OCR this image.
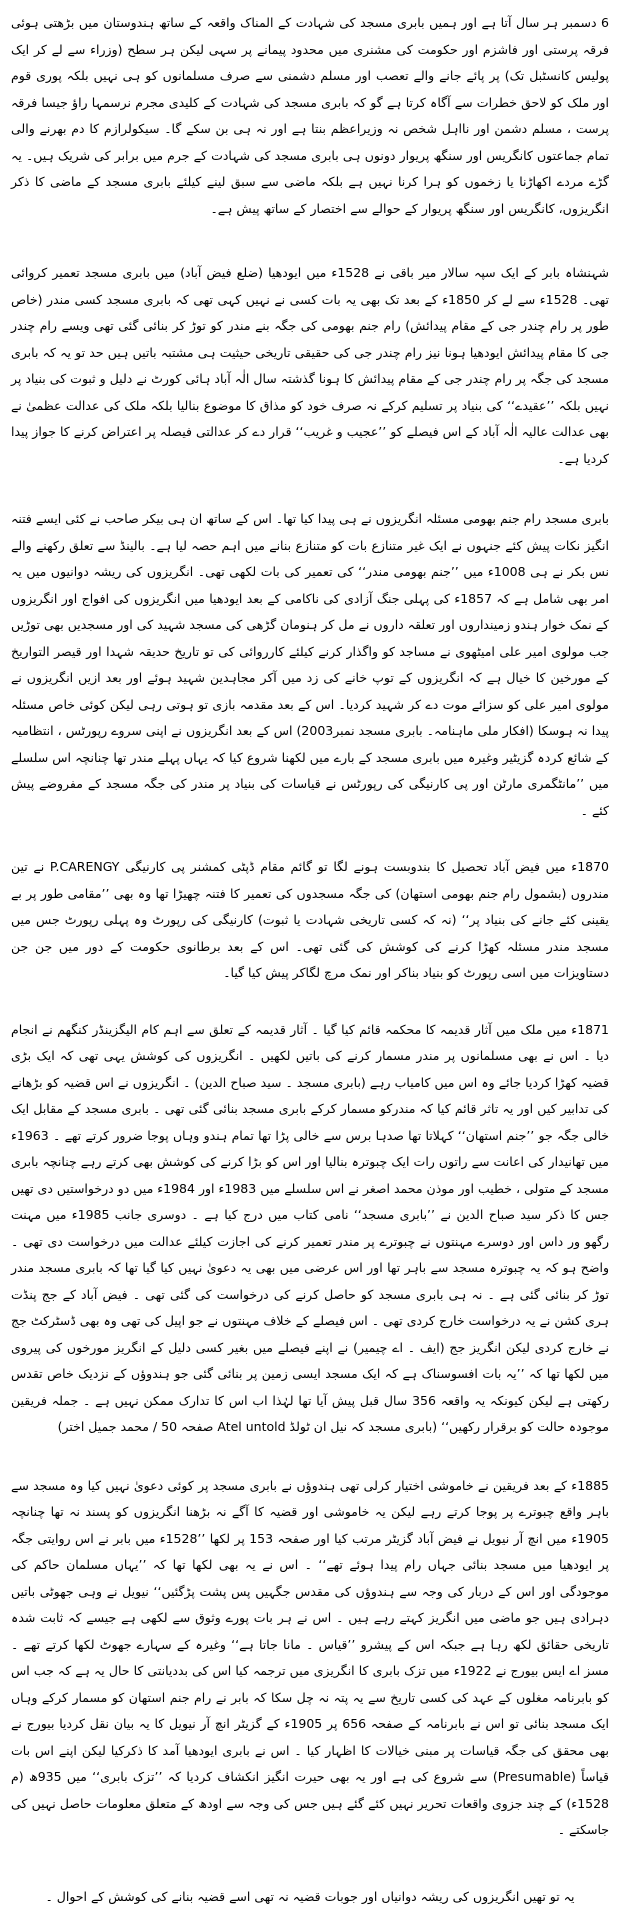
6 دسمبر ہر سال آتا ہے اور ہمیں بابری مسجد کی شہادت کے المناک واقعہ کے ساتھ ہندوستان میں بڑھتی ہوئی فرقہ پرستی اور فاشزم اور حکومت کی مشنری میں محدود پیمانے پر سہی لیکن ہر سطح (وزراء سے لے کر ایک پولیس کانسٹبل تک) پر پائے جانے والے تعصب اور مسلم دشمنی سے صرف مسلمانوں کو ہی نہیں بلکہ پوری قوم اور ملک کو لاحق خطرات سے آگاہ کرتا ہے گو کہ بابری مسجد کی شہادت کے کلیدی مجرم نرسمہا راؤ جیسا فرقہ پرست ، مسلم دشمن اور نااہل شخص نہ وزیراعظم بنتا ہے اور نہ ہی بن سکے گا۔ سیکولرازم کا دم بھرنے والی تمام جماعتوں کانگریس اور سنگھ پریوار دونوں ہی بابری مسجد کی شہادت کے جرم میں برابر کی شریک ہیں۔ یہ گڑے مردے اکھاڑنا یا زخموں کو ہرا کرنا نہیں ہے بلکہ ماضی سے سبق لینے کیلئے بابری مسجد کے ماضی کا ذکر انگریزوں، کانگریس اور سنگھ پریوار کے حوالے سے اختصار کے ساتھ پیش ہے۔

شہنشاہ بابر کے ایک سپہ سالار میر باقی نے 1528ء میں ایودھیا (ضلع فیض آباد) میں بابری مسجد تعمیر کروائی تھی۔ 1528ء سے لے کر 1850ء کے بعد تک بھی یہ بات کسی نے نہیں کہی تھی کہ بابری مسجد کسی مندر (خاص طور پر رام چندر جی کے مقام پیدائش) رام جنم بھومی کی جگہ بنے مندر کو توڑ کر بنائی گئی تھی ویسے رام چندر جی کا مقام پیدائش ایودھیا ہونا نیز رام چندر جی کی حقیقی تاریخی حیثیت ہی مشتبہ باتیں ہیں حد تو یہ کہ بابری مسجد کی جگہ پر رام چندر جی کے مقام پیدائش کا ہونا گذشتہ سال الٰہ آباد ہائی کورٹ نے دلیل و ثبوت کی بنیاد پر نہیں بلکہ ’’عقیدے‘‘ کی بنیاد پر تسلیم کرکے نہ صرف خود کو مذاق کا موضوع بنالیا بلکہ ملک کی عدالت عظمیٰ نے بھی عدالت عالیہ الٰہ آباد کے اس فیصلے کو ’’عجیب و غریب‘‘ قرار دے کر عدالتی فیصلہ پر اعتراض کرنے کا جواز پیدا کردیا ہے۔

بابری مسجد رام جنم بھومی مسئلہ انگریزوں نے ہی پیدا کیا تھا۔ اس کے ساتھ ان ہی بیکر صاحب نے کئی ایسے فتنہ انگیز نکات پیش کئے جنہوں نے ایک غیر متنازع بات کو متنازع بنانے میں اہم حصہ لیا ہے۔ بالینڈ سے تعلق رکھنے والے نس بکر نے ہی 1008ء میں ’’جنم بھومی مندر‘‘ کی تعمیر کی بات لکھی تھی۔ انگریزوں کی ریشہ دوانیوں میں یہ امر بھی شامل ہے کہ 1857ء کی پہلی جنگ آزادی کی ناکامی کے بعد ایودھیا میں انگریزوں کی افواج اور انگریزوں کے نمک خوار ہندو زمینداروں اور تعلقہ داروں نے مل کر ہنومان گڑھی کی مسجد شہید کی اور مسجدیں بھی توڑیں جب مولوی امیر علی امیٹھوی نے مساجد کو واگذار کرنے کیلئے کارروائی کی تو تاریخ حدیقہ شہدا اور قیصر التواریخ کے مورخین کا خیال ہے کہ انگریزوں کے توپ خانے کی زد میں آکر مجاہدین شہید ہوئے اور بعد ازیں انگریزوں نے مولوی امیر علی کو سزائے موت دے کر شہید کردیا۔ اس کے بعد مقدمہ بازی تو ہوتی رہی لیکن کوئی خاص مسئلہ پیدا نہ ہوسکا (افکار ملی ماہنامہ۔ بابری مسجد نمبر2003) اس کے بعد انگریزوں نے اپنی سروے رپورٹس ، انتظامیہ کے شائع کردہ گزیٹیر وغیرہ میں بابری مسجد کے بارے میں لکھنا شروع کیا کہ یہاں پہلے مندر تھا چنانچہ اس سلسلے میں ’’مانٹگمری مارٹن اور پی کارنیگی کی رپورٹس نے قیاسات کی بنیاد پر مندر کی جگہ مسجد کے مفروضے پیش کئے ۔

1870ء میں فیض آباد تحصیل کا بندوبست ہونے لگا تو گائم مقام ڈپٹی کمشنر پی کارنیگی P.CARENGY نے تین مندروں (بشمول رام جنم بھومی استھان) کی جگہ مسجدوں کی تعمیر کا فتنہ چھیڑا تھا وہ بھی ’’مقامی طور پر بے یقینی کئے جانے کی بنیاد پر‘‘ (نہ کہ کسی تاریخی شہادت یا ثبوت) کارنیگی کی رپورٹ وہ پہلی رپورٹ جس میں مسجد مندر مسئلہ کھڑا کرنے کی کوشش کی گئی تھی۔ اس کے بعد برطانوی حکومت کے دور میں جن جن دستاویزات میں اسی رپورٹ کو بنیاد بناکر اور نمک مرچ لگاکر پیش کیا گیا۔

1871ء میں ملک میں آثار قدیمہ کا محکمہ قائم کیا گیا ۔ آثار قدیمہ کے تعلق سے اہم کام الیگزینڈر کنگھم نے انجام دیا ۔ اس نے بھی مسلمانوں پر مندر مسمار کرنے کی باتیں لکھیں ۔ انگریزوں کی کوشش یہی تھی کہ ایک بڑی قضیہ کھڑا کردیا جائے وہ اس میں کامیاب رہے (بابری مسجد ۔ سید صباح الدین) ۔ انگریزوں نے اس قضیہ کو بڑھانے کی تدابیر کیں اور یہ تاثر قائم کیا کہ مندرکو مسمار کرکے بابری مسجد بنائی گئی تھی ۔ بابری مسجد کے مقابل ایک خالی جگہ جو ’’جنم استھان‘‘ کہلاتا تھا صدہا برس سے خالی پڑا تھا تمام ہندو وہاں پوجا ضرور کرتے تھے ۔ 1963ء میں تھانیدار کی اعانت سے راتوں رات ایک چبوترہ بنالیا اور اس کو بڑا کرنے کی کوشش بھی کرتے رہے چنانچہ بابری مسجد کے متولی ، خطیب اور موذن محمد اصغر نے اس سلسلے میں 1983ء اور 1984ء میں دو درخواستیں دی تھیں جس کا ذکر سید صباح الدین نے ’’بابری مسجد‘‘ نامی کتاب میں درج کیا ہے ۔ دوسری جانب 1985ء میں مہنت رگھو ور داس اور دوسرے مہنتوں نے چبوترے پر مندر تعمیر کرنے کی اجازت کیلئے عدالت میں درخواست دی تھی ۔ واضح ہو کہ یہ چبوترہ مسجد سے باہر تھا اور اس عرضی میں بھی یہ دعویٰ نہیں کیا گیا تھا کہ بابری مسجد مندر توڑ کر بنائی گئی ہے ۔ نہ ہی بابری مسجد کو حاصل کرنے کی درخواست کی گئی تھی ۔ فیض آباد کے جج پنڈت ہری کشن نے یہ درخواست خارج کردی تھی ۔ اس فیصلے کے خلاف مہنتوں نے جو اپیل کی تھی وہ بھی ڈسٹرکٹ جج نے خارج کردی لیکن انگریز جج (ایف ۔ اے چیمیر) نے اپنے فیصلے میں بغیر کسی دلیل کے انگریز مورخوں کی پیروی میں لکھا تھا کہ ’’یہ بات افسوسناک ہے کہ ایک مسجد ایسی زمین پر بنائی گئی جو ہندوؤں کے نزدیک خاص تقدس رکھتی ہے لیکن کیونکہ یہ واقعہ 356 سال قبل پیش آیا تھا لہٰذا اب اس کا تدارک ممکن نہیں ہے ۔ جملہ فریقین موجودہ حالت کو برقرار رکھیں‘‘ (بابری مسجد کہ نیل ان ٹولڈ Atel untold صفحہ 50 / محمد جمیل اختر)

1885ء کے بعد فریقین نے خاموشی اختیار کرلی تھی ہندوؤں نے بابری مسجد پر کوئی دعویٰ نہیں کیا وہ مسجد سے باہر واقع چبوترے پر پوجا کرتے رہے لیکن یہ خاموشی اور قضیہ کا آگے نہ بڑھنا انگریزوں کو پسند نہ تھا چنانچہ 1905ء میں انچ آر نیویل نے فیض آباد گزیٹر مرتب کیا اور صفحہ 153 پر لکھا ’’1528ء میں بابر نے اس روایتی جگہ پر ایودھیا میں مسجد بنائی جہاں رام پیدا ہوئے تھے‘‘ ۔ اس نے یہ بھی لکھا تھا کہ ’’یہاں مسلمان حاکم کی موجودگی اور اس کے دربار کی وجہ سے ہندوؤں کی مقدس جگہیں پس پشت پڑگئیں‘‘ نیویل نے وہی جھوٹی باتیں دہرادی ہیں جو ماضی میں انگریز کہتے رہے ہیں ۔ اس نے ہر بات پورے وثوق سے لکھی ہے جیسے کہ ثابت شدہ تاریخی حقائق لکھ رہا ہے جبکہ اس کے پیشرو ’’قیاس ۔ مانا جاتا ہے‘‘ وغیرہ کے سہارے جھوٹ لکھا کرتے تھے ۔ مسز اے ایس بیورج نے 1922ء میں تزک بابری کا انگریزی میں ترجمہ کیا اس کی بددیانتی کا حال یہ ہے کہ جب اس کو بابرنامہ مغلوں کے عہد کی کسی تاریخ سے یہ پتہ نہ چل سکا کہ بابر نے رام جنم استھان کو مسمار کرکے وہاں ایک مسجد بنائی تو اس نے بابرنامہ کے صفحہ 656 پر 1905ء کے گزیٹر انچ آر نیویل کا یہ بیان نقل کردیا بیورج نے بھی محقق کی جگہ قیاسات پر مبنی خیالات کا اظہار کیا ۔ اس نے بابری ایودھیا آمد کا ذکرکیا لیکن اپنے اس بات قیاساً (Presumable) سے شروع کی ہے اور یہ بھی حیرت انگیز انکشاف کردیا کہ ’’تزک بابری‘‘ میں 935ھ (م 1528ء) کے چند جزوی واقعات تحریر نہیں کئے گئے ہیں جس کی وجہ سے اودھ کے متعلق معلومات حاصل نہیں کی جاسکتے ۔

یہ تو تھیں انگریزوں کی ریشہ دوانیاں اور جوبات قضیہ نہ تھی اسے قضیہ بنانے کی کوشش کے احوال ۔
